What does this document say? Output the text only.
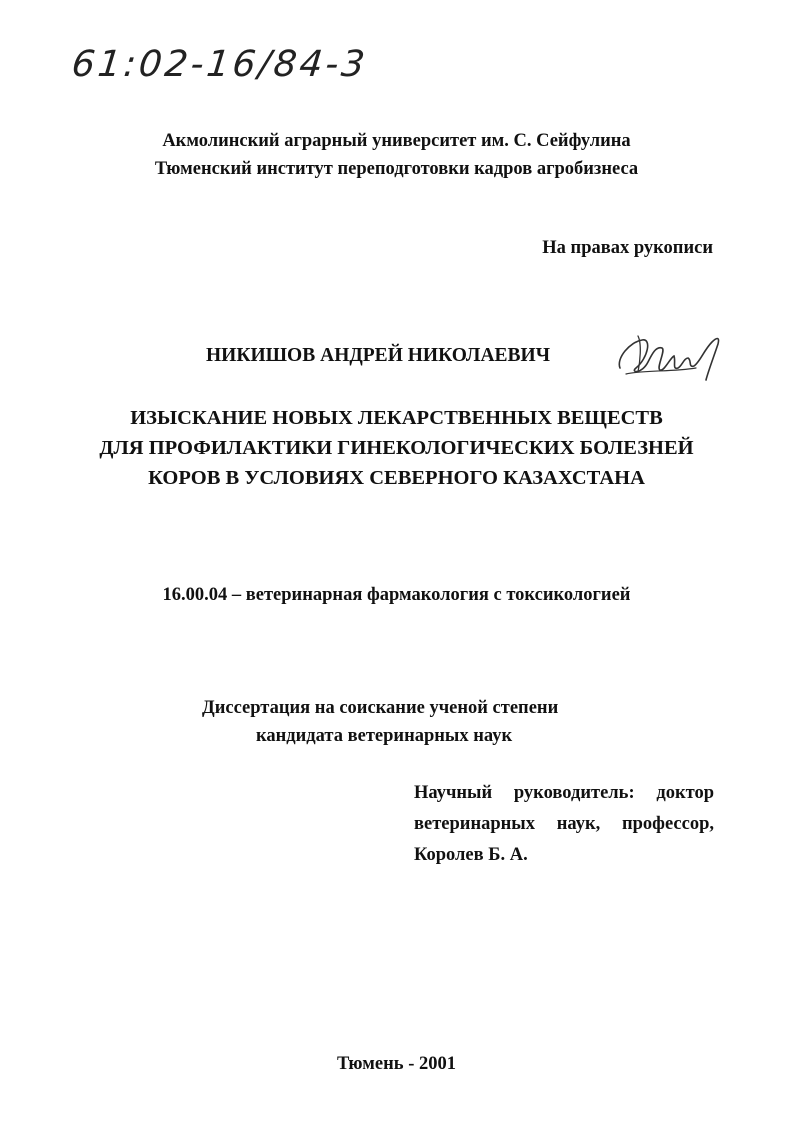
61:02-16/84-3
Акмолинский аграрный университет им. С. Сейфулина
Тюменский институт переподготовки кадров агробизнеса
На правах рукописи
НИКИШОВ АНДРЕЙ НИКОЛАЕВИЧ
ИЗЫСКАНИЕ НОВЫХ ЛЕКАРСТВЕННЫХ ВЕЩЕСТВ
ДЛЯ ПРОФИЛАКТИКИ ГИНЕКОЛОГИЧЕСКИХ БОЛЕЗНЕЙ
КОРОВ В УСЛОВИЯХ СЕВЕРНОГО КАЗАХСТАНА
16.00.04 – ветеринарная фармакология с токсикологией
Диссертация на соискание ученой степени
кандидата ветеринарных наук
Научный руководитель: доктор
ветеринарных наук, профессор,
Королев Б. А.
Тюмень - 2001
